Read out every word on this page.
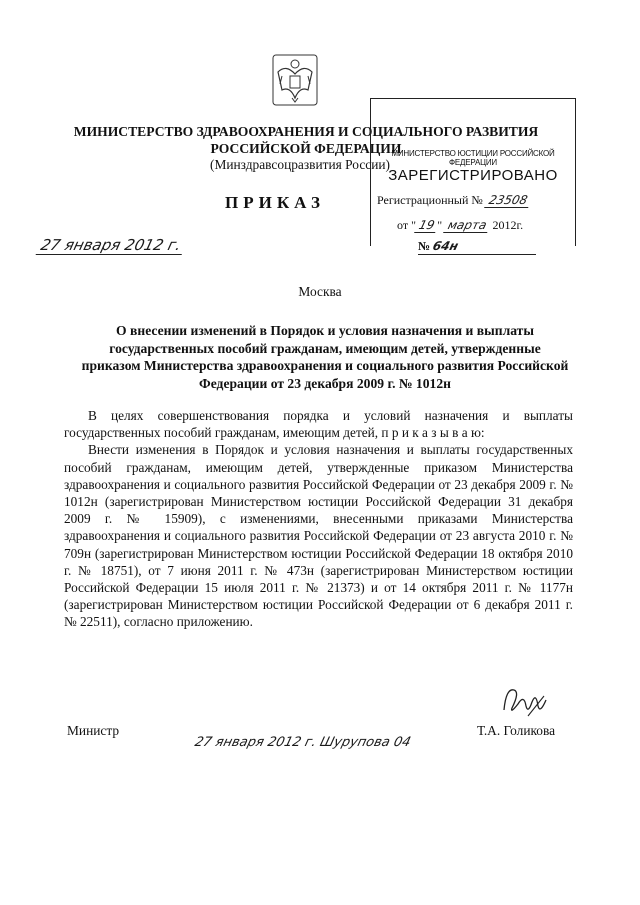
МИНИСТЕРСТВО ЗДРАВООХРАНЕНИЯ И СОЦИАЛЬНОГО РАЗВИТИЯ
РОССИЙСКОЙ ФЕДЕРАЦИИ
(Минздравсоцразвития России)
МИНИСТЕРСТВО ЮСТИЦИИ РОССИЙСКОЙ ФЕДЕРАЦИИ
ЗАРЕГИСТРИРОВАНО
Регистрационный № 23508
от "19" марта 2012г.
ПРИКАЗ
27 января 2012 г.	№ 64н
Москва
О внесении изменений в Порядок и условия назначения и выплаты государственных пособий гражданам, имеющим детей, утвержденные приказом Министерства здравоохранения и социального развития Российской Федерации от 23 декабря 2009 г. № 1012н

В целях совершенствования порядка и условий назначения и выплаты государственных пособий гражданам, имеющим детей, п р и к а з ы в а ю:

Внести изменения в Порядок и условия назначения и выплаты государственных пособий гражданам, имеющим детей, утвержденные приказом Министерства здравоохранения и социального развития Российской Федерации от 23 декабря 2009 г. № 1012н (зарегистрирован Министерством юстиции Российской Федерации 31 декабря 2009 г. № 15909), с изменениями, внесенными приказами Министерства здравоохранения и социального развития Российской Федерации от 23 августа 2010 г. № 709н (зарегистрирован Министерством юстиции Российской Федерации 18 октября 2010 г. № 18751), от 7 июня 2011 г. № 473н (зарегистрирован Министерством юстиции Российской Федерации 15 июля 2011 г. № 21373) и от 14 октября 2011 г. № 1177н (зарегистрирован Министерством юстиции Российской Федерации от 6 декабря 2011 г. № 22511), согласно приложению.

Министр	Т.А. Голикова
27 января 2012 г. Шурупова 04
